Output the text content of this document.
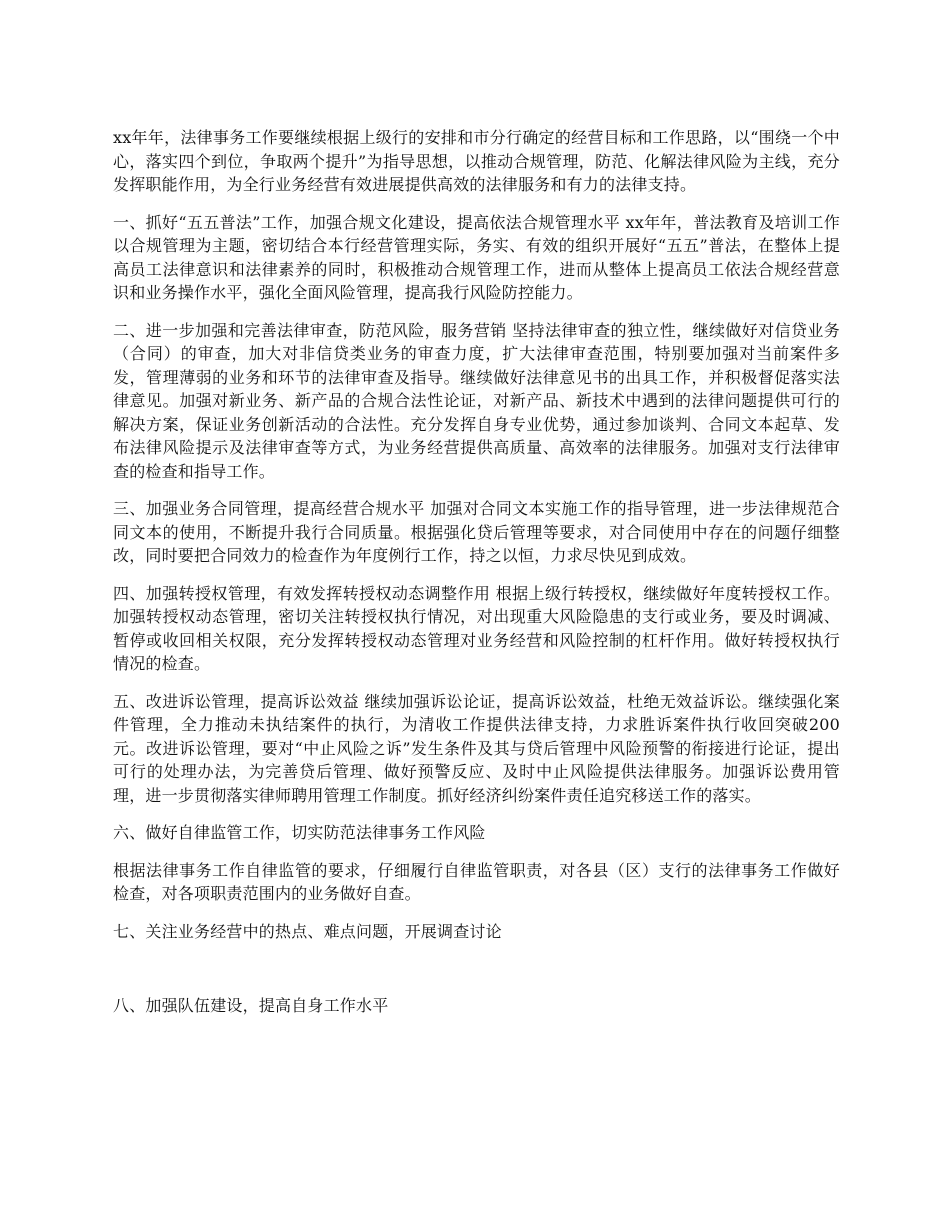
xx年年，法律事务工作要继续根据上级行的安排和市分行确定的经营目标和工作思路，以“围绕一个中心，落实四个到位，争取两个提升”为指导思想，以推动合规管理，防范、化解法律风险为主线，充分发挥职能作用，为全行业务经营有效进展提供高效的法律服务和有力的法律支持。

一、抓好“五五普法”工作，加强合规文化建设，提高依法合规管理水平 xx年年，普法教育及培训工作以合规管理为主题，密切结合本行经营管理实际，务实、有效的组织开展好“五五”普法，在整体上提高员工法律意识和法律素养的同时，积极推动合规管理工作，进而从整体上提高员工依法合规经营意识和业务操作水平，强化全面风险管理，提高我行风险防控能力。

二、进一步加强和完善法律审查，防范风险，服务营销 坚持法律审查的独立性，继续做好对信贷业务（合同）的审查，加大对非信贷类业务的审查力度，扩大法律审查范围，特别要加强对当前案件多发，管理薄弱的业务和环节的法律审查及指导。继续做好法律意见书的出具工作，并积极督促落实法律意见。加强对新业务、新产品的合规合法性论证，对新产品、新技术中遇到的法律问题提供可行的解决方案，保证业务创新活动的合法性。充分发挥自身专业优势，通过参加谈判、合同文本起草、发布法律风险提示及法律审查等方式，为业务经营提供高质量、高效率的法律服务。加强对支行法律审查的检查和指导工作。

三、加强业务合同管理，提高经营合规水平 加强对合同文本实施工作的指导管理，进一步法律规范合同文本的使用，不断提升我行合同质量。根据强化贷后管理等要求，对合同使用中存在的问题仔细整改，同时要把合同效力的检查作为年度例行工作，持之以恒，力求尽快见到成效。

四、加强转授权管理，有效发挥转授权动态调整作用 根据上级行转授权，继续做好年度转授权工作。加强转授权动态管理，密切关注转授权执行情况，对出现重大风险隐患的支行或业务，要及时调减、暂停或收回相关权限，充分发挥转授权动态管理对业务经营和风险控制的杠杆作用。做好转授权执行情况的检查。

五、改进诉讼管理，提高诉讼效益 继续加强诉讼论证，提高诉讼效益，杜绝无效益诉讼。继续强化案件管理，全力推动未执结案件的执行，为清收工作提供法律支持，力求胜诉案件执行收回突破200元。改进诉讼管理，要对“中止风险之诉”发生条件及其与贷后管理中风险预警的衔接进行论证，提出可行的处理办法，为完善贷后管理、做好预警反应、及时中止风险提供法律服务。加强诉讼费用管理，进一步贯彻落实律师聘用管理工作制度。抓好经济纠纷案件责任追究移送工作的落实。

六、做好自律监管工作，切实防范法律事务工作风险

根据法律事务工作自律监管的要求，仔细履行自律监管职责，对各县（区）支行的法律事务工作做好检查，对各项职责范围内的业务做好自查。

七、关注业务经营中的热点、难点问题，开展调查讨论

八、加强队伍建设，提高自身工作水平
